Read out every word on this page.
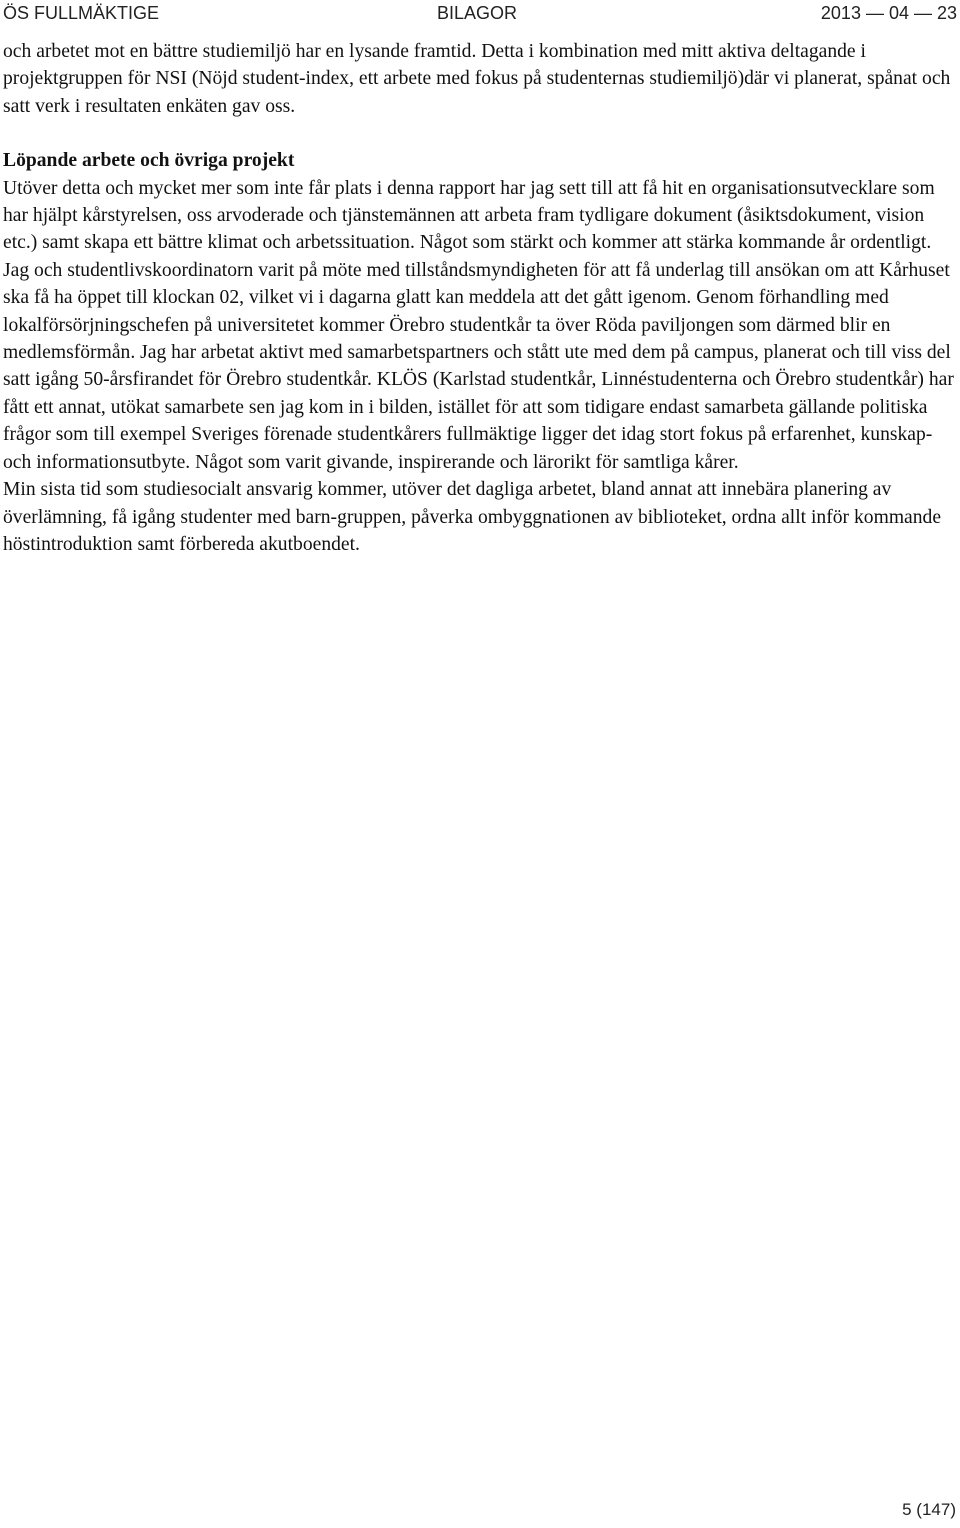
ÖS FULLMÄKTIGE	BILAGOR	2013 — 04 — 23

och arbetet mot en bättre studiemiljö har en lysande framtid. Detta i kombination med mitt aktiva deltagande i projektgruppen för NSI (Nöjd student-index, ett arbete med fokus på studenternas studiemiljö)där vi planerat, spånat och satt verk i resultaten enkäten gav oss.

Löpande arbete och övriga projekt

Utöver detta och mycket mer som inte får plats i denna rapport har jag sett till att få hit en organisationsutvecklare som har hjälpt kårstyrelsen, oss arvoderade och tjänstemännen att arbeta fram tydligare dokument (åsiktsdokument, vision etc.) samt skapa ett bättre klimat och arbetssituation. Något som stärkt och kommer att stärka kommande år ordentligt. Jag och studentlivskoordinatorn varit på möte med tillståndsmyndigheten för att få underlag till ansökan om att Kårhuset ska få ha öppet till klockan 02, vilket vi i dagarna glatt kan meddela att det gått igenom. Genom förhandling med lokalförsörjningschefen på universitetet kommer Örebro studentkår ta över Röda paviljongen som därmed blir en medlemsförmån. Jag har arbetat aktivt med samarbetspartners och stått ute med dem på campus, planerat och till viss del satt igång 50-årsfirandet för Örebro studentkår. KLÖS (Karlstad studentkår, Linnéstudenterna och Örebro studentkår) har fått ett annat, utökat samarbete sen jag kom in i bilden, istället för att som tidigare endast samarbeta gällande politiska frågor som till exempel Sveriges förenade studentkårers fullmäktige ligger det idag stort fokus på erfarenhet, kunskap- och informationsutbyte. Något som varit givande, inspirerande och lärorikt för samtliga kårer.

Min sista tid som studiesocialt ansvarig kommer, utöver det dagliga arbetet, bland annat att innebära planering av överlämning, få igång studenter med barn-gruppen, påverka ombyggnationen av biblioteket, ordna allt inför kommande höstintroduktion samt förbereda akutboendet.

5 (147)
